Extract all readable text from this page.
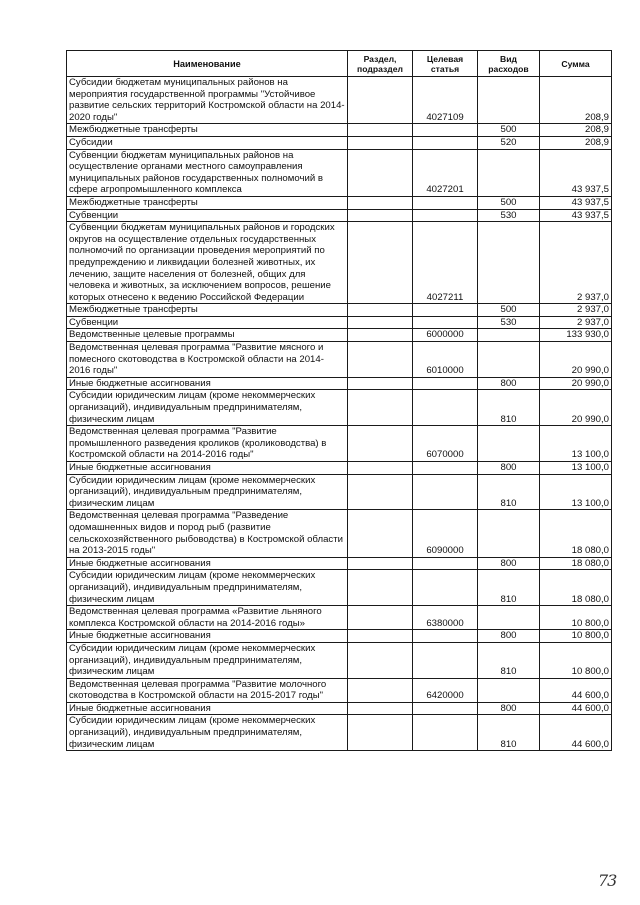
Наименование	Раздел, подраздел	Целевая статья	Вид расходов	Сумма
Субсидии бюджетам муниципальных районов на мероприятия государственной программы "Устойчивое развитие сельских территорий Костромской области на 2014-2020 годы"		4027109		208,9
Межбюджетные трансферты			500	208,9
Субсидии			520	208,9
Субвенции бюджетам муниципальных районов на осуществление органами местного самоуправления муниципальных районов государственных полномочий в сфере агропромышленного комплекса		4027201		43 937,5
Межбюджетные трансферты			500	43 937,5
Субвенции			530	43 937,5
Субвенции бюджетам муниципальных районов и городских округов на осуществление отдельных государственных полномочий по организации проведения мероприятий по предупреждению и ликвидации болезней животных, их лечению, защите населения от болезней, общих для человека и животных, за исключением вопросов, решение которых отнесено к ведению Российской Федерации		4027211		2 937,0
Межбюджетные трансферты			500	2 937,0
Субвенции			530	2 937,0
Ведомственные целевые программы		6000000		133 930,0
Ведомственная целевая программа "Развитие мясного и помесного скотоводства в Костромской области на 2014-2016 годы"		6010000		20 990,0
Иные бюджетные ассигнования			800	20 990,0
Субсидии юридическим лицам (кроме некоммерческих организаций), индивидуальным предпринимателям, физическим лицам			810	20 990,0
Ведомственная целевая программа "Развитие промышленного разведения кроликов (кролиководства) в Костромской области на 2014-2016 годы"		6070000		13 100,0
Иные бюджетные ассигнования			800	13 100,0
Субсидии юридическим лицам (кроме некоммерческих организаций), индивидуальным предпринимателям, физическим лицам			810	13 100,0
Ведомственная целевая программа "Разведение одомашненных видов и пород рыб (развитие сельскохозяйственного рыбоводства) в Костромской области на 2013-2015 годы"		6090000		18 080,0
Иные бюджетные ассигнования			800	18 080,0
Субсидии юридическим лицам (кроме некоммерческих организаций), индивидуальным предпринимателям, физическим лицам			810	18 080,0
Ведомственная целевая программа «Развитие льняного комплекса Костромской области на 2014-2016 годы»		6380000		10 800,0
Иные бюджетные ассигнования			800	10 800,0
Субсидии юридическим лицам (кроме некоммерческих организаций), индивидуальным предпринимателям, физическим лицам			810	10 800,0
Ведомственная целевая программа "Развитие молочного скотоводства в Костромской области на 2015-2017 годы"		6420000		44 600,0
Иные бюджетные ассигнования			800	44 600,0
Субсидии юридическим лицам (кроме некоммерческих организаций), индивидуальным предпринимателям, физическим лицам			810	44 600,0
73
